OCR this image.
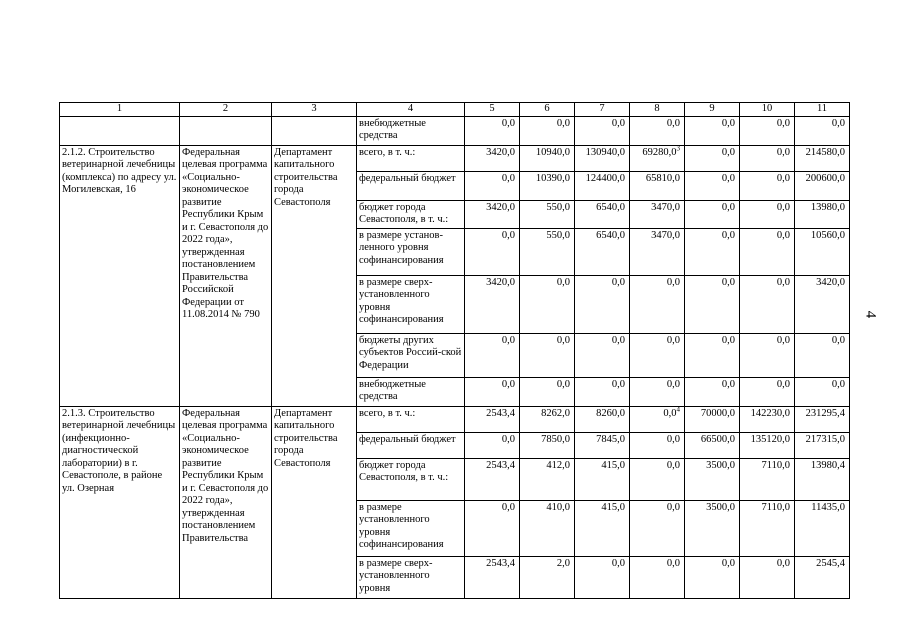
4
1	2	3	4	5	6	7	8	9	10	11
			внебюджетные средства	0,0	0,0	0,0	0,0	0,0	0,0	0,0
2.1.2. Строительство ветеринарной лечебницы (комплекса) по адресу ул. Могилевская, 16	Федеральная целевая программа «Социально-экономическое развитие Республики Крым и г. Севастополя до 2022 года», утвержденная постановлением Правительства Российской Федерации от 11.08.2014 № 790	Департамент капитального строительства города Севастополя	всего, в т. ч.:	3420,0	10940,0	130940,0	69280,0$^3$	0,0	0,0	214580,0
			федеральный бюджет	0,0	10390,0	124400,0	65810,0	0,0	0,0	200600,0
			бюджет города Севастополя, в т. ч.:	3420,0	550,0	6540,0	3470,0	0,0	0,0	13980,0
			в размере установ-ленного уровня софинансирования	0,0	550,0	6540,0	3470,0	0,0	0,0	10560,0
			в размере сверх-установленного уровня софинансирования	3420,0	0,0	0,0	0,0	0,0	0,0	3420,0
			бюджеты других субъектов Россий-ской Федерации	0,0	0,0	0,0	0,0	0,0	0,0	0,0
			внебюджетные средства	0,0	0,0	0,0	0,0	0,0	0,0	0,0
2.1.3. Строительство ветеринарной лечебницы (инфекционно-диагностической лаборатории) в г. Севастополе, в районе ул. Озерная	Федеральная целевая программа «Социально-экономическое развитие Республики Крым и г. Севастополя до 2022 года», утвержденная постановлением Правительства	Департамент капитального строительства города Севастополя	всего, в т. ч.:	2543,4	8262,0	8260,0	$0,0^4$	70000,0	142230,0	231295,4
			федеральный бюджет	0,0	7850,0	7845,0	0,0	66500,0	135120,0	217315,0
			бюджет города Севастополя, в т. ч.:	2543,4	412,0	415,0	0,0	3500,0	7110,0	13980,4
			в размере установленного уровня софинансирования	0,0	410,0	415,0	0,0	3500,0	7110,0	11435,0
			в размере сверх-установленного уровня	2543,4	2,0	0,0	0,0	0,0	0,0	2545,4
